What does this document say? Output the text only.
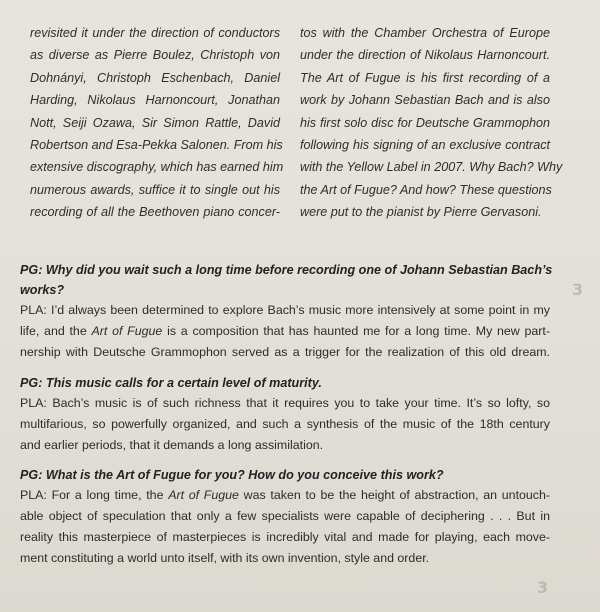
revisited it under the direction of conductors
as diverse as Pierre Boulez, Christoph von
Dohnányi, Christoph Eschenbach, Daniel
Harding, Nikolaus Harnoncourt, Jonathan
Nott, Seiji Ozawa, Sir Simon Rattle, David
Robertson and Esa-Pekka Salonen. From his
extensive discography, which has earned him
numerous awards, suffice it to single out his
recording of all the Beethoven piano concer-

tos with the Chamber Orchestra of Europe
under the direction of Nikolaus Harnoncourt.
The Art of Fugue is his first recording of a
work by Johann Sebastian Bach and is also
his first solo disc for Deutsche Grammophon
following his signing of an exclusive contract
with the Yellow Label in 2007. Why Bach? Why
the Art of Fugue? And how? These questions
were put to the pianist by Pierre Gervasoni.

PG: Why did you wait such a long time before recording one of Johann Sebastian Bach’s
works?

PLA: I’d always been determined to explore Bach’s music more intensively at some point in my
life, and the Art of Fugue is a composition that has haunted me for a long time. My new part-
nership with Deutsche Grammophon served as a trigger for the realization of this old dream.

PG: This music calls for a certain level of maturity.

PLA: Bach’s music is of such richness that it requires you to take your time. It’s so lofty, so
multifarious, so powerfully organized, and such a synthesis of the music of the 18th century
and earlier periods, that it demands a long assimilation.

PG: What is the Art of Fugue for you? How do you conceive this work?

PLA: For a long time, the Art of Fugue was taken to be the height of abstraction, an untouch-
able object of speculation that only a few specialists were capable of deciphering . . . But in
reality this masterpiece of masterpieces is incredibly vital and made for playing, each move-
ment constituting a world unto itself, with its own invention, style and order.

3
3
